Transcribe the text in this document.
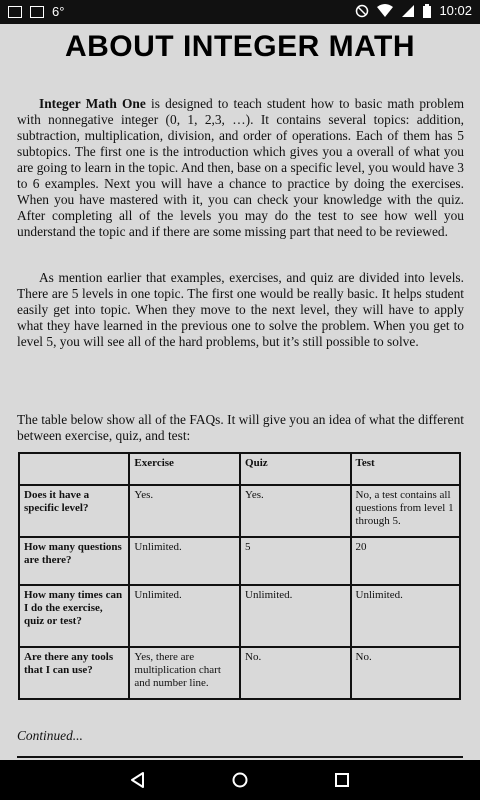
6°	10:02
ABOUT INTEGER MATH

Integer Math One is designed to teach student how to basic math problem with nonnegative integer (0, 1, 2,3, …). It contains several topics: addition, subtraction, multiplication, division, and order of operations. Each of them has 5 subtopics. The first one is the introduction which gives you a overall of what you are going to learn in the topic. And then, base on a specific level, you would have 3 to 6 examples. Next you will have a chance to practice by doing the exercises. When you have mastered with it, you can check your knowledge with the quiz. After completing all of the levels you may do the test to see how well you understand the topic and if there are some missing part that need to be reviewed.

As mention earlier that examples, exercises, and quiz are divided into levels. There are 5 levels in one topic. The first one would be really basic. It helps student easily get into topic. When they move to the next level, they will have to apply what they have learned in the previous one to solve the problem. When you get to level 5, you will see all of the hard problems, but it’s still possible to solve.

The table below show all of the FAQs. It will give you an idea of what the different between exercise, quiz, and test:

	Exercise	Quiz	Test
Does it have a specific level?	Yes.	Yes.	No, a test contains all questions from level 1 through 5.
How many questions are there?	Unlimited.	5	20
How many times can I do the exercise, quiz or test?	Unlimited.	Unlimited.	Unlimited.
Are there any tools that I can use?	Yes, there are multiplication chart and number line.	No.	No.
Continued...
